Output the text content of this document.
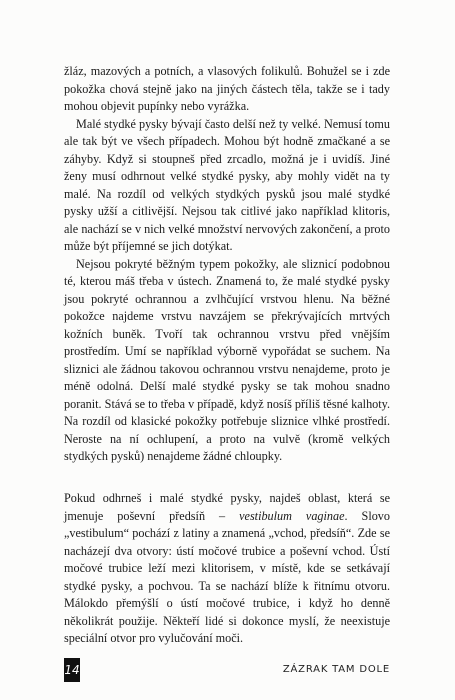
žláz, mazových a potních, a vlasových folikulů. Bohužel se i zde pokožka chová stejně jako na jiných částech těla, takže se i tady mohou objevit pupínky nebo vyrážka.

Malé stydké pysky bývají často delší než ty velké. Nemusí tomu ale tak být ve všech případech. Mohou být hodně zmačkané a se záhyby. Když si stoupneš před zrcadlo, možná je i uvidíš. Jiné ženy musí odhrnout velké stydké pysky, aby mohly vidět na ty malé. Na rozdíl od velkých stydkých pysků jsou malé stydké pysky užší a citlivější. Nejsou tak citlivé jako například klitoris, ale nachází se v nich velké množství nervových zakončení, a proto může být příjemné se jich dotýkat.

Nejsou pokryté běžným typem pokožky, ale sliznicí podobnou té, kterou máš třeba v ústech. Znamená to, že malé stydké pysky jsou pokryté ochrannou a zvlhčující vrstvou hlenu. Na běžné pokožce najdeme vrstvu navzájem se překrývajících mrtvých kožních buněk. Tvoří tak ochrannou vrstvu před vnějším prostředím. Umí se například výborně vypořádat se suchem. Na sliznici ale žádnou takovou ochrannou vrstvu nenajdeme, proto je méně odolná. Delší malé stydké pysky se tak mohou snadno poranit. Stává se to třeba v případě, když nosíš příliš těsné kalhoty. Na rozdíl od klasické pokožky potřebuje sliznice vlhké prostředí. Neroste na ní ochlupení, a proto na vulvě (kromě velkých stydkých pysků) nenajdeme žádné chloupky.

Pokud odhrneš i malé stydké pysky, najdeš oblast, která se jmenuje poševní předsíň – vestibulum vaginae. Slovo „vestibulum“ pochází z latiny a znamená „vchod, předsíň“. Zde se nacházejí dva otvory: ústí močové trubice a poševní vchod. Ústí močové trubice leží mezi klitorisem, v místě, kde se setkávají stydké pysky, a pochvou. Ta se nachází blíže k řitnímu otvoru. Málokdo přemýšlí o ústí močové trubice, i když ho denně několikrát použije. Někteří lidé si dokonce myslí, že neexistuje speciální otvor pro vylučování moči.

14	ZÁZRAK TAM DOLE
